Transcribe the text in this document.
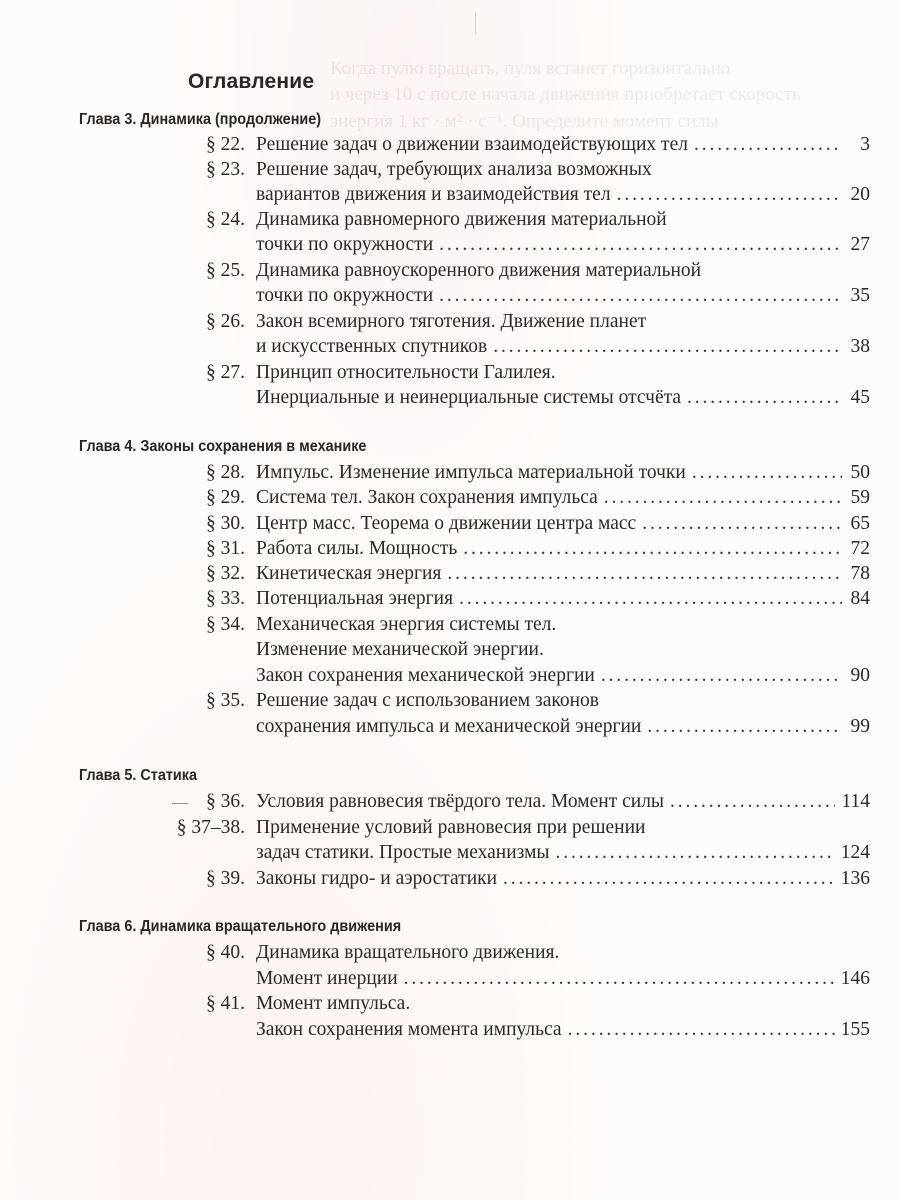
Когда пулю вращать, пуля встанет горизонтально
и через 10 с после начала движения приобретает скорость
энергия 1 кг · м² · с⁻¹. Определите момент силы
Оглавление
Глава 3. Динамика (продолжение)
§ 22. Решение задач о движении взаимодействующих тел . . .	3
§ 23. Решение задач, требующих анализа возможных
вариантов движения и взаимодействия тел . . .	20
§ 24. Динамика равномерного движения материальной
точки по окружности . . .	27
§ 25. Динамика равноускоренного движения материальной
точки по окружности . . .	35
§ 26. Закон всемирного тяготения. Движение планет
и искусственных спутников . . .	38
§ 27. Принцип относительности Галилея.
Инерциальные и неинерциальные системы отсчёта . . .	45
Глава 4. Законы сохранения в механике
§ 28. Импульс. Изменение импульса материальной точки . . .	50
§ 29. Система тел. Закон сохранения импульса . . .	59
§ 30. Центр масс. Теорема о движении центра масс . . .	65
§ 31. Работа силы. Мощность . . .	72
§ 32. Кинетическая энергия . . .	78
§ 33. Потенциальная энергия . . .	84
§ 34. Механическая энергия системы тел.
Изменение механической энергии.
Закон сохранения механической энергии . . .	90
§ 35. Решение задач с использованием законов
сохранения импульса и механической энергии . . .	99
Глава 5. Статика
§ 36. Условия равновесия твёрдого тела. Момент силы . . .	114
§ 37–38. Применение условий равновесия при решении
задач статики. Простые механизмы . . .	124
§ 39. Законы гидро- и аэростатики . . .	136
Глава 6. Динамика вращательного движения
§ 40. Динамика вращательного движения.
Момент инерции . . .	146
§ 41. Момент импульса.
Закон сохранения момента импульса . . .	155
